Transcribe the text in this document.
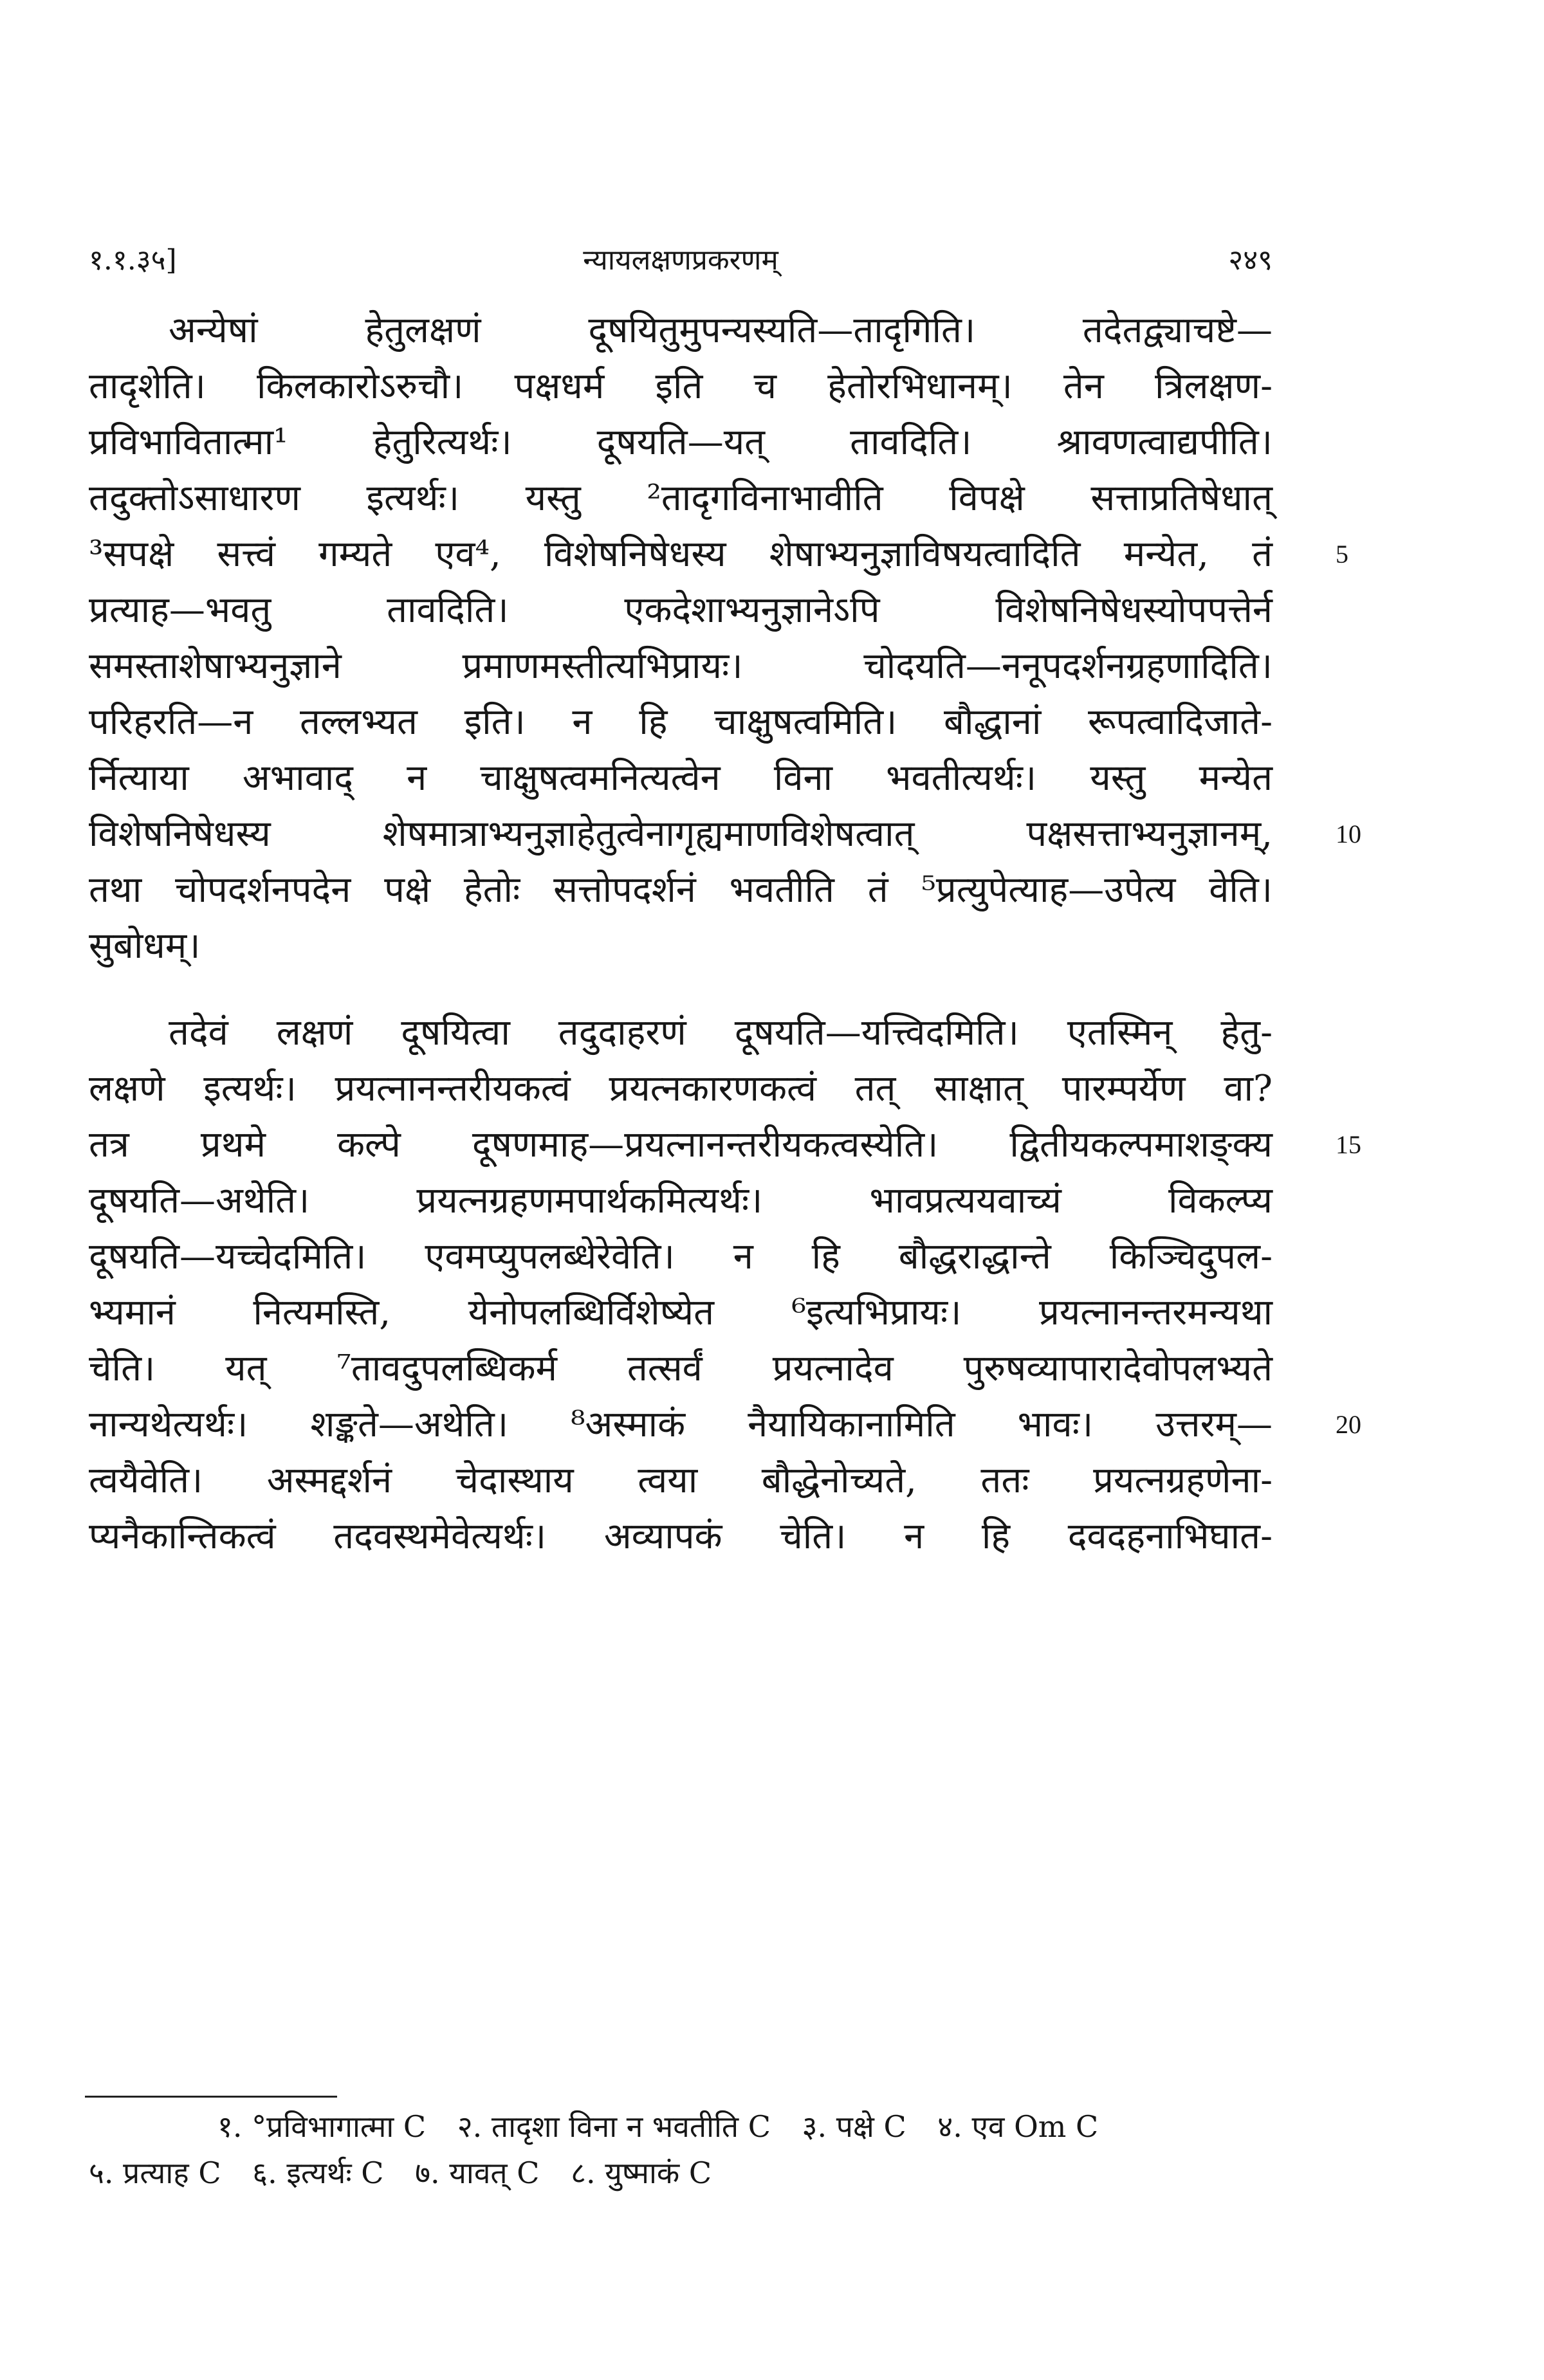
१.१.३५]	न्यायलक्षणप्रकरणम्	२४९
अन्येषां हेतुलक्षणं दूषयितुमुपन्यस्यति—तादृगिति। तदेतद्व्याचष्टे—
तादृशेति। किलकारोऽरुचौ। पक्षधर्म इति च हेतोरभिधानम्। तेन त्रिलक्षण-
प्रविभावितात्मा¹ हेतुरित्यर्थः। दूषयति—यत् तावदिति। श्रावणत्वाद्यपीति।
तदुक्तोऽसाधारण इत्यर्थः। यस्तु ²तादृगविनाभावीति विपक्षे सत्ताप्रतिषेधात्
³सपक्षे सत्त्वं गम्यते एव⁴, विशेषनिषेधस्य शेषाभ्यनुज्ञाविषयत्वादिति मन्येत, तं 5
प्रत्याह—भवतु तावदिति। एकदेशाभ्यनुज्ञानेऽपि विशेषनिषेधस्योपपत्तेर्न
समस्ताशेषाभ्यनुज्ञाने प्रमाणमस्तीत्यभिप्रायः। चोदयति—ननूपदर्शनग्रहणादिति।
परिहरति—न तल्लभ्यत इति। न हि चाक्षुषत्वमिति। बौद्धानां रूपत्वादिजाते-
र्नित्याया अभावाद् न चाक्षुषत्वमनित्यत्वेन विना भवतीत्यर्थः। यस्तु मन्येत
विशेषनिषेधस्य शेषमात्राभ्यनुज्ञाहेतुत्वेनागृह्यमाणविशेषत्वात् पक्षसत्ताभ्यनुज्ञानम्, 10
तथा चोपदर्शनपदेन पक्षे हेतोः सत्तोपदर्शनं भवतीति तं ⁵प्रत्युपेत्याह—उपेत्य वेति।
सुबोधम्।
तदेवं लक्षणं दूषयित्वा तदुदाहरणं दूषयति—यत्त्विदमिति। एतस्मिन् हेतु-
लक्षणे इत्यर्थः। प्रयत्नानन्तरीयकत्वं प्रयत्नकारणकत्वं तत् साक्षात् पारम्पर्येण वा?
तत्र प्रथमे कल्पे दूषणमाह—प्रयत्नानन्तरीयकत्वस्येति। द्वितीयकल्पमाशङ्क्य 15
दूषयति—अथेति। प्रयत्नग्रहणमपार्थकमित्यर्थः। भावप्रत्ययवाच्यं विकल्प्य
दूषयति—यच्चेदमिति। एवमप्युपलब्धेरेवेति। न हि बौद्धराद्धान्ते किञ्चिदुपल-
भ्यमानं नित्यमस्ति, येनोपलब्धिर्विशेष्येत ⁶इत्यभिप्रायः। प्रयत्नानन्तरमन्यथा
चेति। यत् ⁷तावदुपलब्धिकर्म तत्सर्वं प्रयत्नादेव पुरुषव्यापारादेवोपलभ्यते
नान्यथेत्यर्थः। शङ्कते—अथेति। ⁸अस्माकं नैयायिकानामिति भावः। उत्तरम्— 20
त्वयैवेति। अस्मद्दर्शनं चेदास्थाय त्वया बौद्धेनोच्यते, ततः प्रयत्नग्रहणेना-
प्यनैकान्तिकत्वं तदवस्थमेवेत्यर्थः। अव्यापकं चेति। न हि दवदहनाभिघात-
१. °प्रविभागात्मा C २. तादृशा विना न भवतीति C ३. पक्षे C ४. एव Om C
५. प्रत्याह C ६. इत्यर्थः C ७. यावत् C ८. युष्माकं C
